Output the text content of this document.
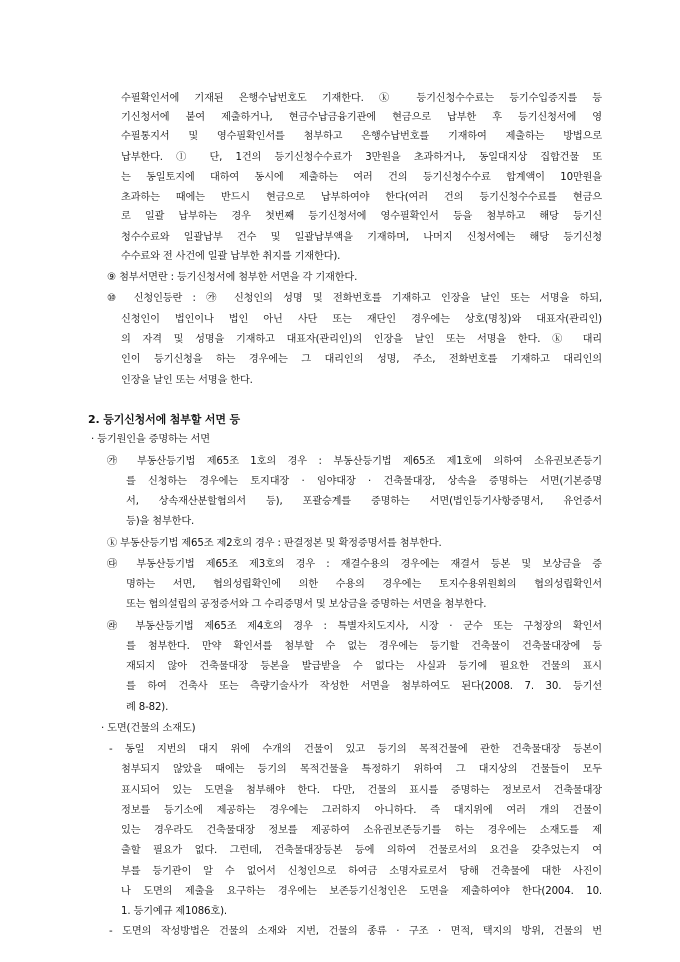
수필확인서에 기재된 은행수납번호도 기재한다. ⓚ 등기신청수수료는 등기수입증지를 등
기신청서에 붙여 제출하거나, 현금수납금융기관에 현금으로 납부한 후 등기신청서에 영
수필통지서 및 영수필확인서를 첨부하고 은행수납번호를 기재하여 제출하는 방법으로
납부한다. ⓛ 단, 1건의 등기신청수수료가 3만원을 초과하거나, 동일대지상 집합건물 또
는 동일토지에 대하여 동시에 제출하는 여러 건의 등기신청수수료 합계액이 10만원을
초과하는 때에는 반드시 현금으로 납부하여야 한다(여러 건의 등기신청수수료를 현금으
로 일괄 납부하는 경우 첫번째 등기신청서에 영수필확인서 등을 첨부하고 해당 등기신
청수수료와 일괄납부 건수 및 일괄납부액을 기재하며, 나머지 신청서에는 해당 등기신청
수수료와 전 사건에 일괄 납부한 취지를 기재한다).
⑨ 첨부서면란 : 등기신청서에 첨부한 서면을 각 기재한다.
⑩ 신청인등란 : ㉮ 신청인의 성명 및 전화번호를 기재하고 인장을 날인 또는 서명을 하되,
신청인이 법인이나 법인 아닌 사단 또는 재단인 경우에는 상호(명칭)와 대표자(관리인)
의 자격 및 성명을 기재하고 대표자(관리인)의 인장을 날인 또는 서명을 한다. ⓚ 대리
인이 등기신청을 하는 경우에는 그 대리인의 성명, 주소, 전화번호를 기재하고 대리인의
인장을 날인 또는 서명을 한다.
2. 등기신청서에 첨부할 서면 등
· 등기원인을 증명하는 서면
㉮ 부동산등기법 제65조 1호의 경우 : 부동산등기법 제65조 제1호에 의하여 소유권보존등기
를 신청하는 경우에는 토지대장 · 임야대장 · 건축물대장, 상속을 증명하는 서면(기본증명
서, 상속재산분할협의서 등), 포괄승계를 증명하는 서면(법인등기사항증명서, 유언증서
등)을 첨부한다.
ⓚ 부동산등기법 제65조 제2호의 경우 : 판결정본 및 확정증명서를 첨부한다.
㉰ 부동산등기법 제65조 제3호의 경우 : 재결수용의 경우에는 재결서 등본 및 보상금을 증
명하는 서면, 협의성립확인에 의한 수용의 경우에는 토지수용위원회의 협의성립확인서
또는 협의설립의 공정증서와 그 수리증명서 및 보상금을 증명하는 서면을 첨부한다.
㉱ 부동산등기법 제65조 제4호의 경우 : 특별자치도지사, 시장 · 군수 또는 구청장의 확인서
를 첨부한다. 만약 확인서를 첨부할 수 없는 경우에는 등기할 건축물이 건축물대장에 등
재되지 않아 건축물대장 등본을 발급받을 수 없다는 사실과 등기에 필요한 건물의 표시
를 하여 건축사 또는 측량기술사가 작성한 서면을 첨부하여도 된다(2008. 7. 30. 등기선
례 8-82).
· 도면(건물의 소재도)
- 동일 지번의 대지 위에 수개의 건물이 있고 등기의 목적건물에 관한 건축물대장 등본이
첨부되지 않았을 때에는 등기의 목적건물을 특정하기 위하여 그 대지상의 건물들이 모두
표시되어 있는 도면을 첨부해야 한다. 다만, 건물의 표시를 증명하는 정보로서 건축물대장
정보를 등기소에 제공하는 경우에는 그러하지 아니하다. 즉 대지위에 여러 개의 건물이
있는 경우라도 건축물대장 정보를 제공하여 소유권보존등기를 하는 경우에는 소재도를 제
출할 필요가 없다. 그런데, 건축물대장등본 등에 의하여 건물로서의 요건을 갖추었는지 여
부를 등기관이 알 수 없어서 신청인으로 하여금 소명자료로서 당해 건축물에 대한 사진이
나 도면의 제출을 요구하는 경우에는 보존등기신청인은 도면을 제출하여야 한다(2004. 10.
1. 등기예규 제1086호).
- 도면의 작성방법은 건물의 소재와 지번, 건물의 종류 · 구조 · 면적, 택지의 방위, 건물의 번
